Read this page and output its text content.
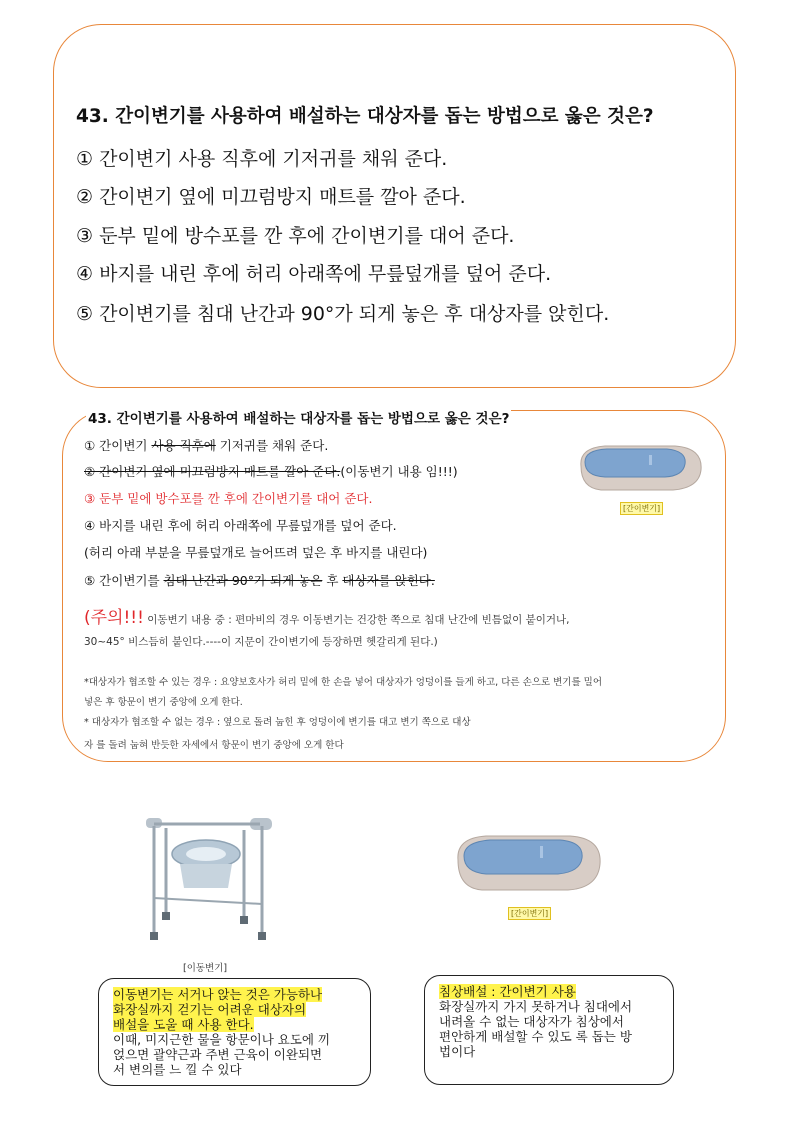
43. 간이변기를 사용하여 배설하는 대상자를 돕는 방법으로 옳은 것은?
① 간이변기 사용 직후에 기저귀를 채워 준다.
② 간이변기 옆에 미끄럼방지 매트를 깔아 준다.
③ 둔부 밑에 방수포를 깐 후에 간이변기를 대어 준다.
④ 바지를 내린 후에 허리 아래쪽에 무릎덮개를 덮어 준다.
⑤ 간이변기를 침대 난간과 90°가 되게 놓은 후 대상자를 앉힌다.
43. 간이변기를 사용하여 배설하는 대상자를 돕는 방법으로 옳은 것은?
① 간이변기 사용 직후에 기저귀를 채워 준다.
② 간이변기 옆에 미끄럼방지 매트를 깔아 준다.(이동변기 내용 임!!!)
③ 둔부 밑에 방수포를 깐 후에 간이변기를 대어 준다.
④ 바지를 내린 후에 허리 아래쪽에 무릎덮개를 덮어 준다.
(허리 아래 부분을 무릎덮개로 늘어뜨려 덮은 후 바지를 내린다)
⑤ 간이변기를 침대 난간과 90°가 되게 놓은 후 대상자를 앉힌다.
(주의!!! 이동변기 내용 중 : 편마비의 경우 이동변기는 건강한 쪽으로 침대 난간에 빈틈없이 붙이거나,
30~45° 비스듬히 붙인다.----이 지문이 간이변기에 등장하면 헷갈리게 된다.)
*대상자가 협조할 수 있는 경우 : 요양보호사가 허리 밑에 한 손을 넣어 대상자가 엉덩이를 들게 하고, 다른 손으로 변기를 밀어
넣은 후 항문이 변기 중앙에 오게 한다.
* 대상자가 협조할 수 없는 경우 : 옆으로 돌려 눕힌 후 엉덩이에 변기를 대고 변기 쪽으로 대상
자 를 돌려 눕혀 반듯한 자세에서 항문이 변기 중앙에 오게 한다
[간이변기]
[이동변기]
[간이변기]
이동변기는 서거나 앉는 것은 가능하나
화장실까지 걷기는 어려운 대상자의
배설을 도울 때 사용 한다.
이때, 미지근한 물을 항문이나 요도에 끼
얹으면 괄약근과 주변 근육이 이완되면
서 변의를 느 낄 수 있다
침상배설 : 간이변기 사용
화장실까지 가지 못하거나 침대에서
내려올 수 없는 대상자가 침상에서
편안하게 배설할 수 있도 록 돕는 방
법이다
